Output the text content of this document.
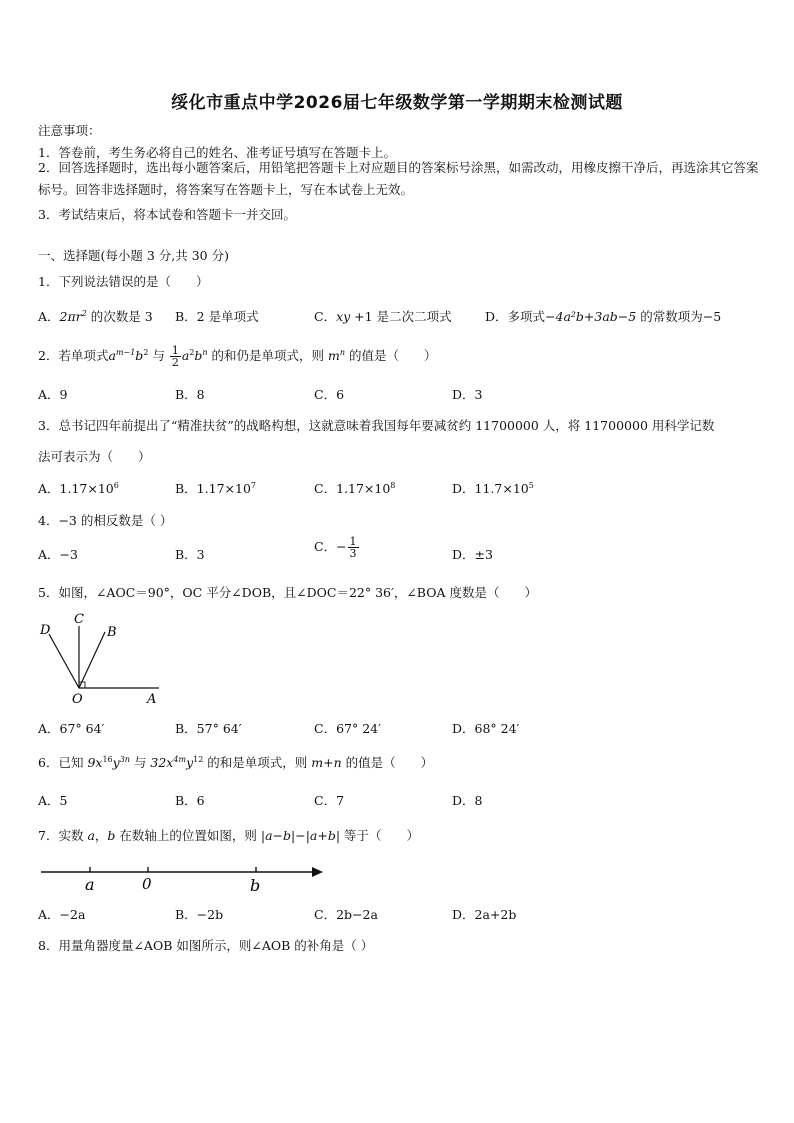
绥化市重点中学2026届七年级数学第一学期期末检测试题
注意事项：
1．答卷前，考生务必将自己的姓名、准考证号填写在答题卡上。
2．回答选择题时，选出每小题答案后，用铅笔把答题卡上对应题目的答案标号涂黑，如需改动，用橡皮擦干净后，再选涂其它答案标号。回答非选择题时，将答案写在答题卡上，写在本试卷上无效。
3．考试结束后，将本试卷和答题卡一并交回。
一、选择题(每小题 3 分,共 30 分)
1．下列说法错误的是（　　）
A．$2\pi r^2$ 的次数是 3 B．2 是单项式	C．xy +1 是二次二项式	D．多项式−4a²b+3ab−5 的常数项为−5
2．若单项式$a^{m-1}b^2$ 与 $\frac{1}{2} a^2b^n$ 的和仍是单项式，则 $m^n$ 的值是（　　）
A．9	B．8	C．6	D．3
3．总书记四年前提出了“精准扶贫”的战略构想，这就意味着我国每年要减贫约 11700000 人，将 11700000 用科学记数
法可表示为（　　）
A．$1.17\times 10^6$	B．$1.17\times 10^7$	C．$1.17\times 10^8$	D．$11.7\times 10^5$
4．−3 的相反数是（ ）
A．−3	B．3
C．− $\frac{1}{3}$	D．±3
5．如图，∠AOC＝90°，OC 平分∠DOB，且∠DOC＝22° 36′，∠BOA 度数是（　　）
D
C
B
O	A
A．67° 64′	B．57° 64′	C．67° 24′	D．68° 24′
6．已知 $9x^{16}y^{3n}$ 与 $32x^{4m}y^{12}$ 的和是单项式，则 m+n 的值是（　　）
A．5	B．6	C．7	D．8
7．实数 a，b 在数轴上的位置如图，则 |a−b|−|a+b| 等于（　　）
a	0	b
A．−2a	B．−2b	C．2b−2a	D．2a+2b
8．用量角器度量∠AOB 如图所示，则∠AOB 的补角是（ ）
